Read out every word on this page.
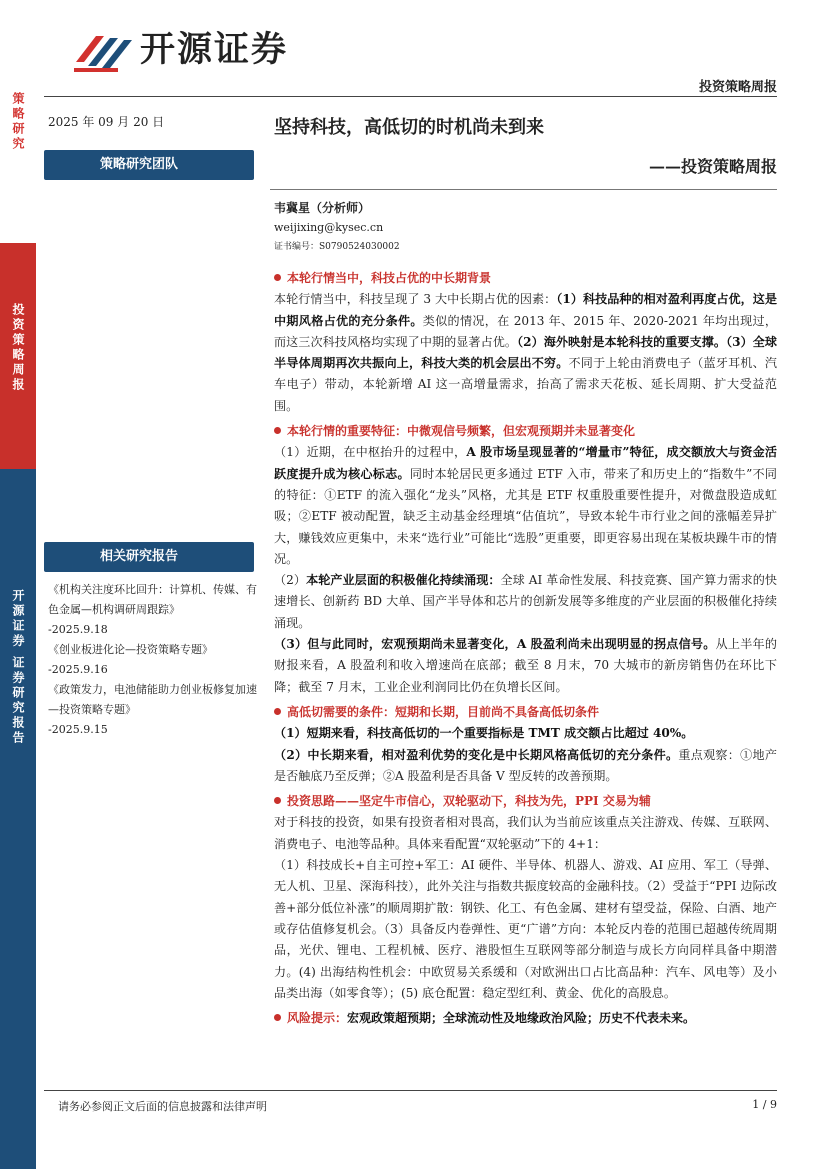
开源证券
投资策略周报
策略研究
投资策略周报
开源证券 证券研究报告
2025 年 09 月 20 日	坚持科技，高低切的时机尚未到来
——投资策略周报
策略研究团队
韦冀星（分析师）
weijixing@kysec.cn
证书编号：S0790524030002
相关研究报告
《机构关注度环比回升：计算机、传媒、有色金属—机构调研周跟踪》
-2025.9.18
《创业板进化论—投资策略专题》
-2025.9.16
《政策发力，电池储能助力创业板修复加速—投资策略专题》
-2025.9.15
本轮行情当中，科技占优的中长期背景

本轮行情当中，科技呈现了 3 大中长期占优的因素：（1）科技品种的相对盈利再度占优，这是中期风格占优的充分条件。类似的情况，在 2013 年、2015 年、2020-2021 年均出现过，而这三次科技风格均实现了中期的显著占优。（2）海外映射是本轮科技的重要支撑。（3）全球半导体周期再次共振向上，科技大类的机会层出不穷。不同于上轮由消费电子（蓝牙耳机、汽车电子）带动，本轮新增 AI 这一高增量需求，抬高了需求天花板、延长周期、扩大受益范围。

本轮行情的重要特征：中微观信号频繁，但宏观预期并未显著变化

（1）近期，在中枢抬升的过程中，A 股市场呈现显著的“增量市”特征，成交额放大与资金活跃度提升成为核心标志。同时本轮居民更多通过 ETF 入市，带来了和历史上的“指数牛”不同的特征：①ETF 的流入强化“龙头”风格，尤其是 ETF 权重股重要性提升，对微盘股造成虹吸；②ETF 被动配置，缺乏主动基金经理填“估值坑”，导致本轮牛市行业之间的涨幅差异扩大，赚钱效应更集中，未来“选行业”可能比“选股”更重要，即更容易出现在某板块躁牛市的情况。

（2）本轮产业层面的积极催化持续涌现：全球 AI 革命性发展、科技竞赛、国产算力需求的快速增长、创新药 BD 大单、国产半导体和芯片的创新发展等多维度的产业层面的积极催化持续涌现。

（3）但与此同时，宏观预期尚未显著变化，A 股盈利尚未出现明显的拐点信号。从上半年的财报来看，A 股盈利和收入增速尚在底部；截至 8 月末，70 大城市的新房销售仍在环比下降；截至 7 月末，工业企业利润同比仍在负增长区间。

高低切需要的条件：短期和长期，目前尚不具备高低切条件

（1）短期来看，科技高低切的一个重要指标是 TMT 成交额占比超过 40%。

（2）中长期来看，相对盈利优势的变化是中长期风格高低切的充分条件。重点观察：①地产是否触底乃至反弹；②A 股盈利是否具备 V 型反转的改善预期。

投资思路——坚定牛市信心，双轮驱动下，科技为先，PPI 交易为辅

对于科技的投资，如果有投资者相对畏高，我们认为当前应该重点关注游戏、传媒、互联网、消费电子、电池等品种。具体来看配置“双轮驱动”下的 4+1：

（1）科技成长+自主可控+军工：AI 硬件、半导体、机器人、游戏、AI 应用、军工（导弹、无人机、卫星、深海科技），此外关注与指数共振度较高的金融科技。（2）受益于“PPI 边际改善+部分低位补涨”的顺周期扩散：钢铁、化工、有色金属、建材有望受益，保险、白酒、地产或存估值修复机会。（3）具备反内卷弹性、更“广谱”方向：本轮反内卷的范围已超越传统周期品，光伏、锂电、工程机械、医疗、港股恒生互联网等部分制造与成长方向同样具备中期潜力。(4) 出海结构性机会：中欧贸易关系缓和（对欧洲出口占比高品种：汽车、风电等）及小品类出海（如零食等）；(5) 底仓配置：稳定型红利、黄金、优化的高股息。

风险提示：宏观政策超预期；全球流动性及地缘政治风险；历史不代表未来。
请务必参阅正文后面的信息披露和法律声明	1 / 9
